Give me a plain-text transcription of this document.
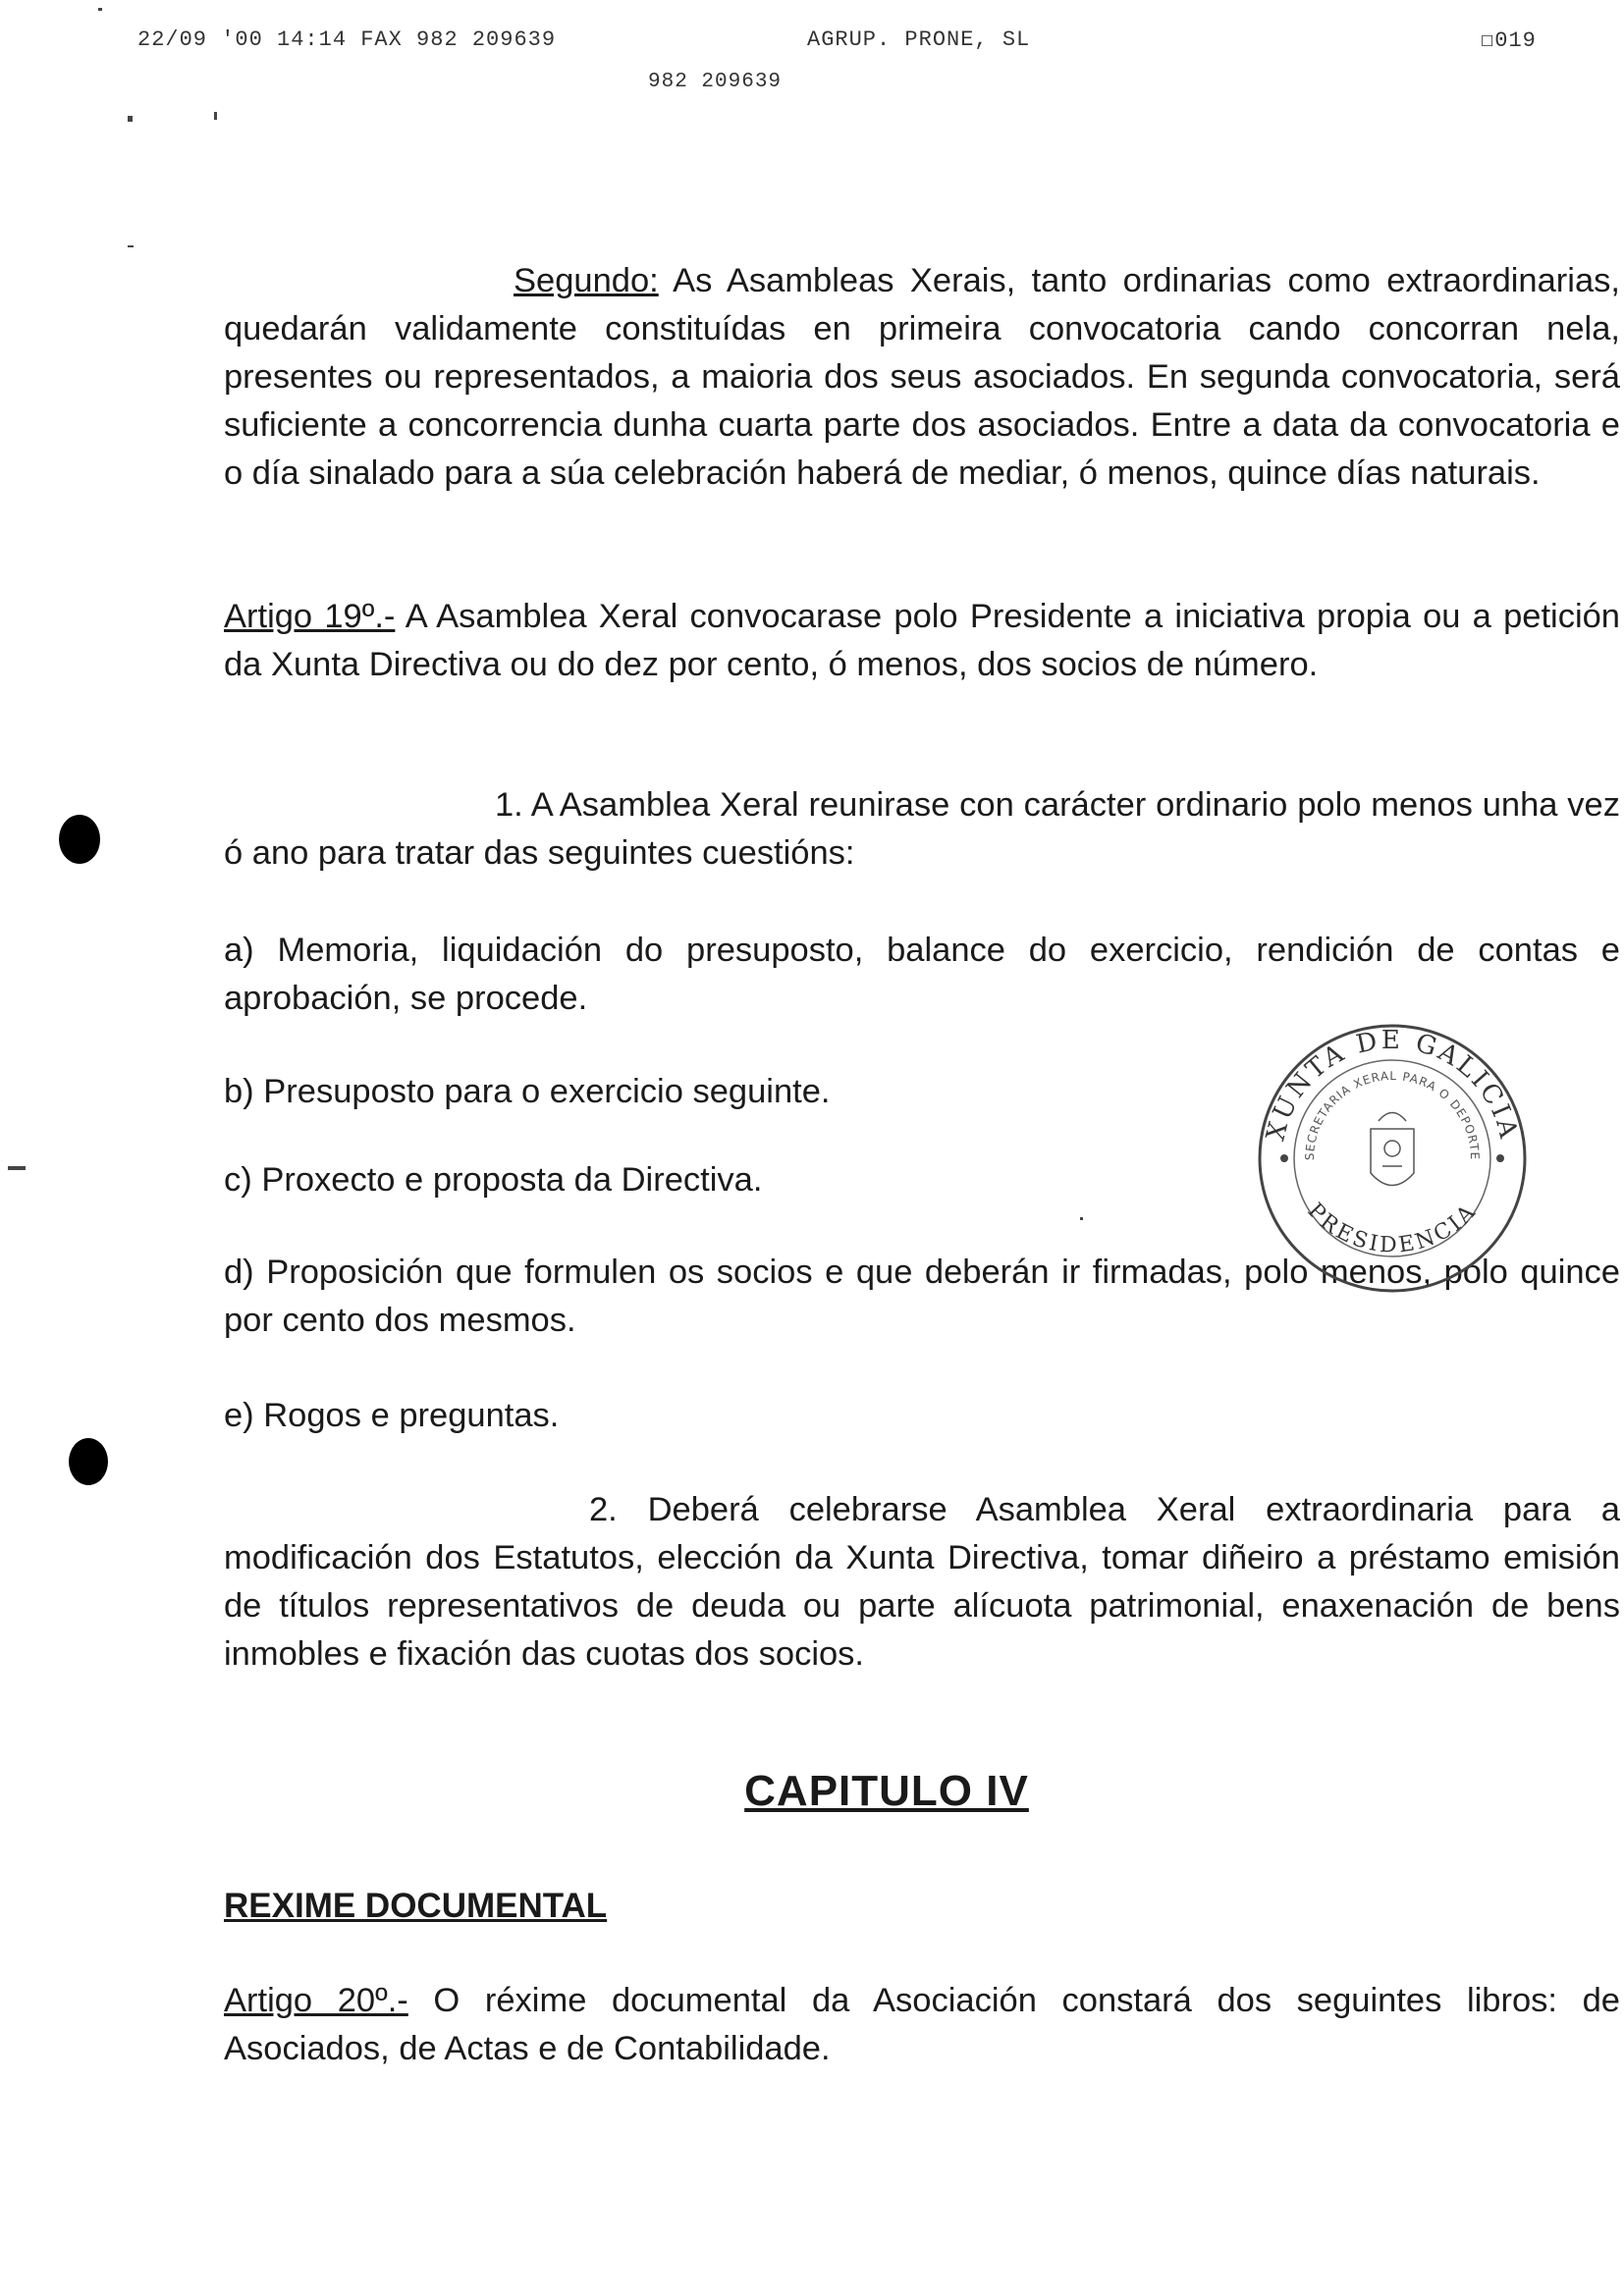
22/09 '00 14:14 FAX 982 209639	AGRUP. PRONE, SL	☐019
982 209639

Segundo: As Asambleas Xerais, tanto ordinarias como extraordinarias, quedarán validamente constituídas en primeira convocatoria cando concorran nela, presentes ou representados, a maioria dos seus asociados. En segunda convocatoria, será suficiente a concorrencia dunha cuarta parte dos asociados. Entre a data da convocatoria e o día sinalado para a súa celebración haberá de mediar, ó menos, quince días naturais.

Artigo 19º.- A Asamblea Xeral convocarase polo Presidente a iniciativa propia ou a petición da Xunta Directiva ou do dez por cento, ó menos, dos socios de número.

1. A Asamblea Xeral reunirase con carácter ordinario polo menos unha vez ó ano para tratar das seguintes cuestións:

a) Memoria, liquidación do presuposto, balance do exercicio, rendición de contas e aprobación, se procede.
b) Presuposto para o exercicio seguinte.
c) Proxecto e proposta da Directiva.
d) Proposición que formulen os socios e que deberán ir firmadas, polo menos, polo quince por cento dos mesmos.
e) Rogos e preguntas.

2. Deberá celebrarse Asamblea Xeral extraordinaria para a modificación dos Estatutos, elección da Xunta Directiva, tomar diñeiro a préstamo emisión de títulos representativos de deuda ou parte alícuota patrimonial, enaxenación de bens inmobles e fixación das cuotas dos socios.

CAPITULO IV
REXIME DOCUMENTAL

Artigo 20º.- O réxime documental da Asociación constará dos seguintes libros: de Asociados, de Actas e de Contabilidade.

XUNTA DE GALICIA
SECRETARIA XERAL PARA O DEPORTE
PRESIDENCIA
